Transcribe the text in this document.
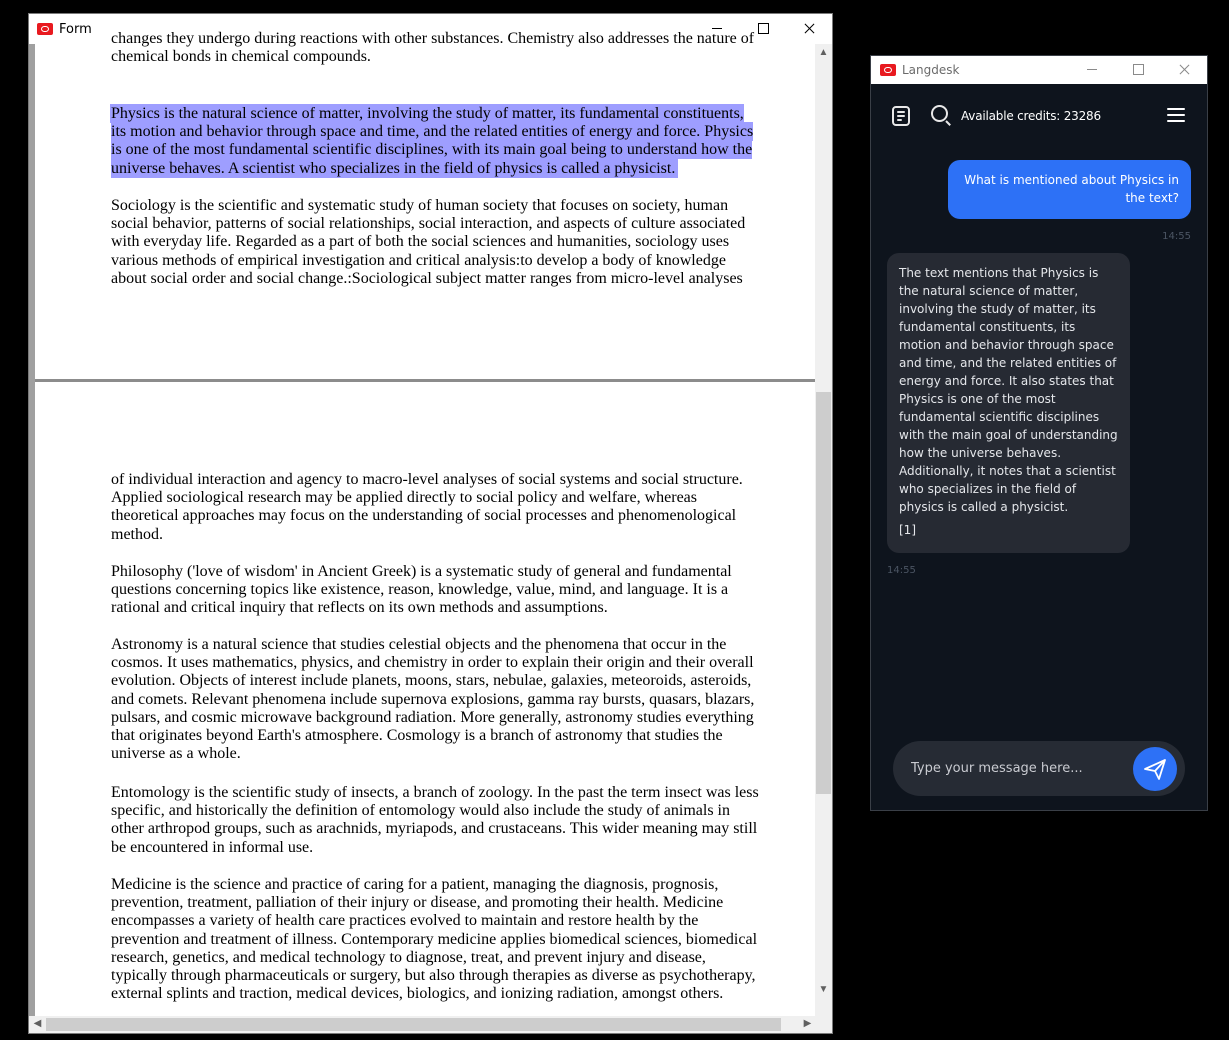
Form

changes they undergo during reactions with other substances. Chemistry also addresses the nature of chemical bonds in chemical compounds.

Physics is the natural science of matter, involving the study of matter, its fundamental constituents, its motion and behavior through space and time, and the related entities of energy and force. Physics is one of the most fundamental scientific disciplines, with its main goal being to understand how the universe behaves. A scientist who specializes in the field of physics is called a physicist.

Sociology is the scientific and systematic study of human society that focuses on society, human social behavior, patterns of social relationships, social interaction, and aspects of culture associated with everyday life. Regarded as a part of both the social sciences and humanities, sociology uses various methods of empirical investigation and critical analysis:to develop a body of knowledge about social order and social change.:Sociological subject matter ranges from micro-level analyses

of individual interaction and agency to macro-level analyses of social systems and social structure. Applied sociological research may be applied directly to social policy and welfare, whereas theoretical approaches may focus on the understanding of social processes and phenomenological method.

Philosophy ('love of wisdom' in Ancient Greek) is a systematic study of general and fundamental questions concerning topics like existence, reason, knowledge, value, mind, and language. It is a rational and critical inquiry that reflects on its own methods and assumptions.

Astronomy is a natural science that studies celestial objects and the phenomena that occur in the cosmos. It uses mathematics, physics, and chemistry in order to explain their origin and their overall evolution. Objects of interest include planets, moons, stars, nebulae, galaxies, meteoroids, asteroids, and comets. Relevant phenomena include supernova explosions, gamma ray bursts, quasars, blazars, pulsars, and cosmic microwave background radiation. More generally, astronomy studies everything that originates beyond Earth's atmosphere. Cosmology is a branch of astronomy that studies the universe as a whole.

Entomology is the scientific study of insects, a branch of zoology. In the past the term insect was less specific, and historically the definition of entomology would also include the study of animals in other arthropod groups, such as arachnids, myriapods, and crustaceans. This wider meaning may still be encountered in informal use.

Medicine is the science and practice of caring for a patient, managing the diagnosis, prognosis, prevention, treatment, palliation of their injury or disease, and promoting their health. Medicine encompasses a variety of health care practices evolved to maintain and restore health by the prevention and treatment of illness. Contemporary medicine applies biomedical sciences, biomedical research, genetics, and medical technology to diagnose, treat, and prevent injury and disease, typically through pharmaceuticals or surgery, but also through therapies as diverse as psychotherapy, external splints and traction, medical devices, biologics, and ionizing radiation, amongst others.

▲
▼
◀	▶
Langdesk
Available credits: 23286
What is mentioned about Physics in the text?
14:55
The text mentions that Physics is the natural science of matter, involving the study of matter, its fundamental constituents, its motion and behavior through space and time, and the related entities of energy and force. It also states that Physics is one of the most fundamental scientific disciplines with the main goal of understanding how the universe behaves. Additionally, it notes that a scientist who specializes in the field of physics is called a physicist.
[1]
14:55
Type your message here...
